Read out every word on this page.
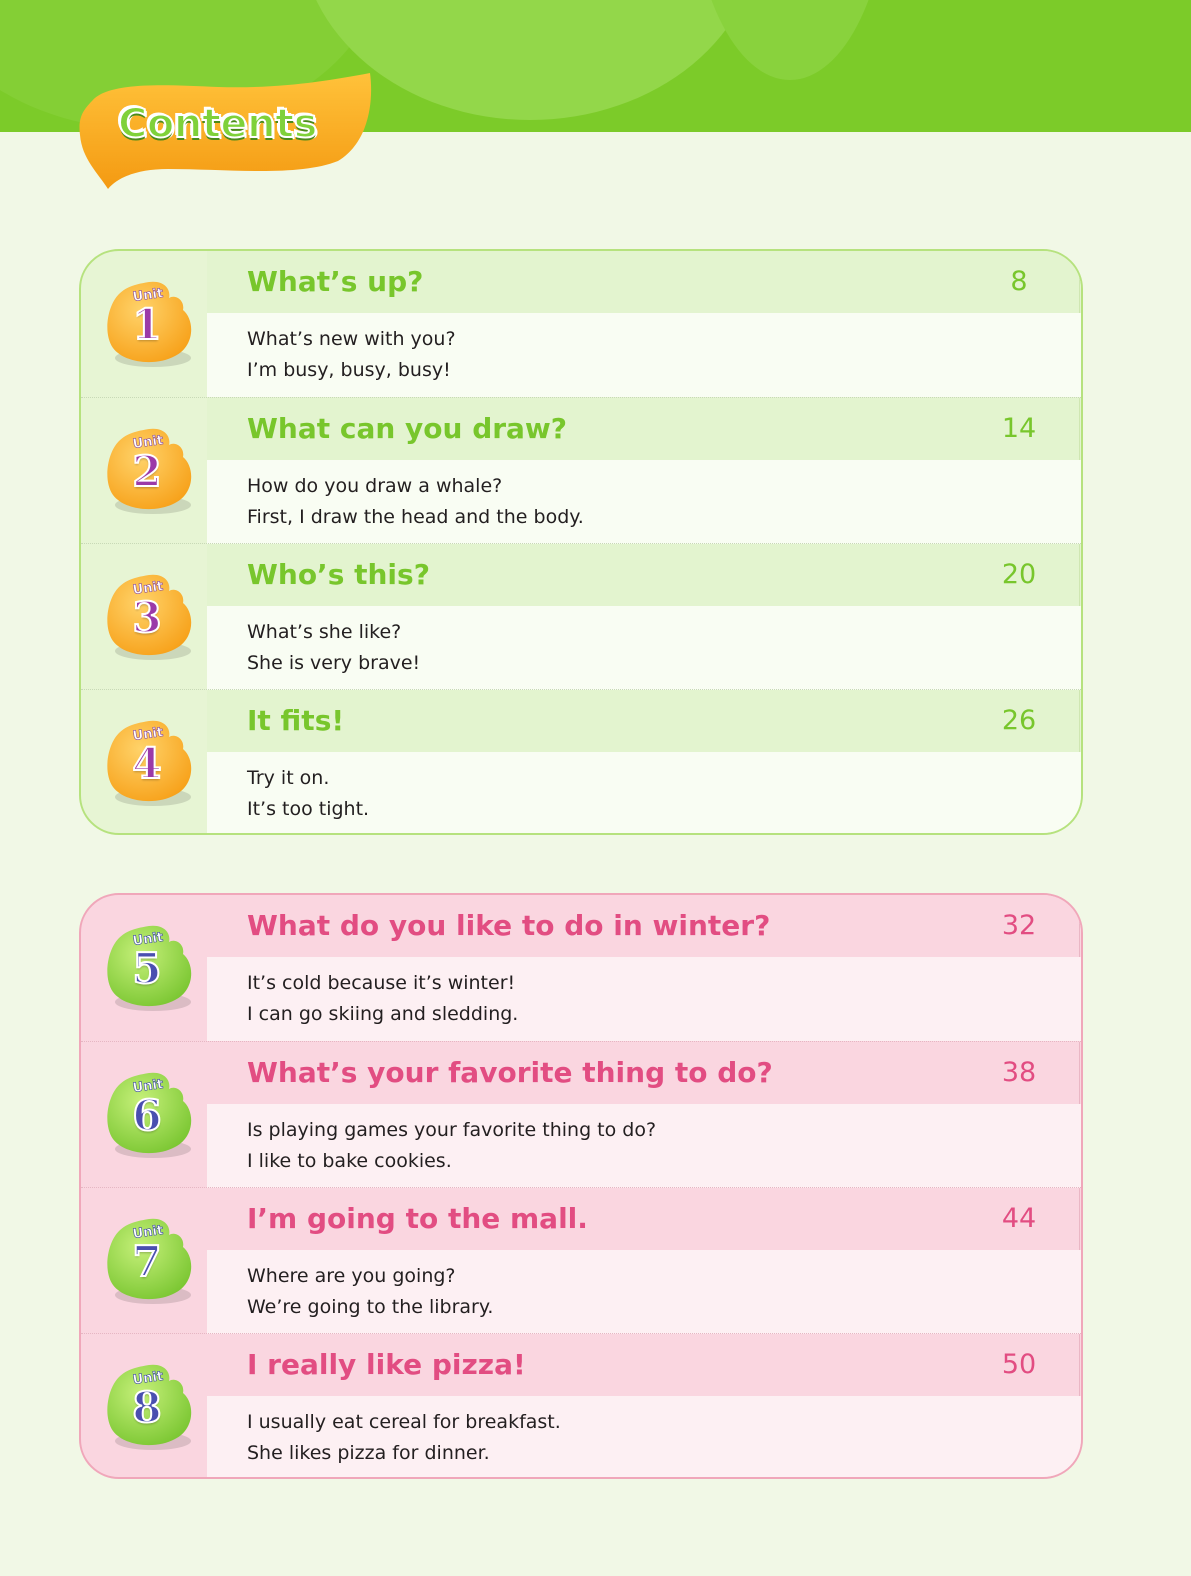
Contents
What’s up?	8
What’s new with you?
I’m busy, busy, busy!
Unit
1
What can you draw?	14
How do you draw a whale?
First, I draw the head and the body.
Unit
2
Who’s this?	20
What’s she like?
She is very brave!
Unit
3
It fits!	26
Try it on.
It’s too tight.
Unit
4
What do you like to do in winter?	32
It’s cold because it’s winter!
I can go skiing and sledding.
Unit
5
What’s your favorite thing to do?	38
Is playing games your favorite thing to do?
I like to bake cookies.
Unit
6
I’m going to the mall.	44
Where are you going?
We’re going to the library.
Unit
7
I really like pizza!	50
I usually eat cereal for breakfast.
She likes pizza for dinner.
Unit
8
